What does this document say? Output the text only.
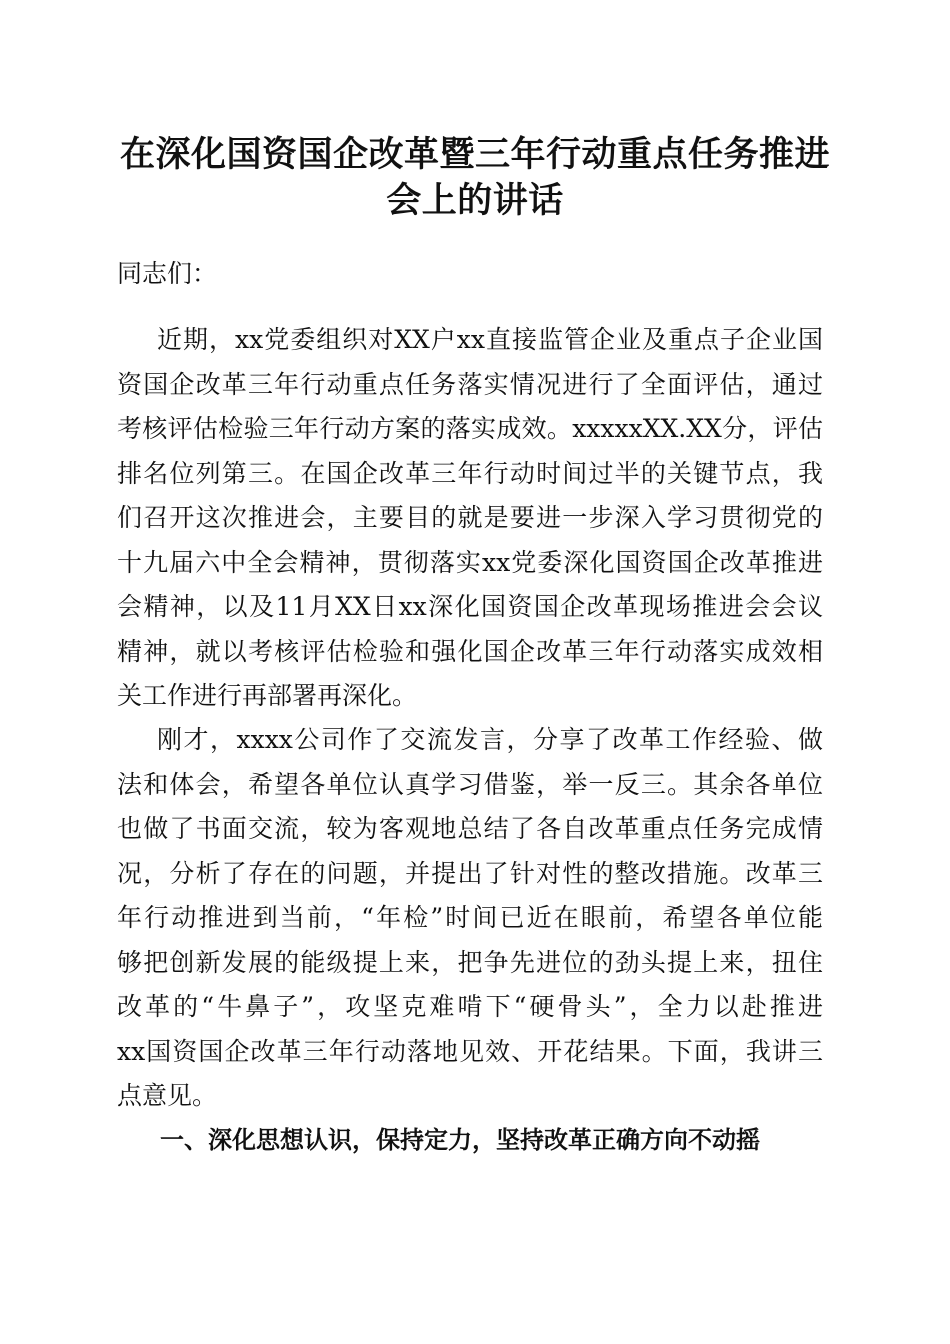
在深化国资国企改革暨三年行动重点任务推进
会上的讲话
同志们：
近期，xx党委组织对XX户xx直接监管企业及重点子企业国
资国企改革三年行动重点任务落实情况进行了全面评估，通过
考核评估检验三年行动方案的落实成效。xxxxxXX.XX分，评估
排名位列第三。在国企改革三年行动时间过半的关键节点，我
们召开这次推进会，主要目的就是要进一步深入学习贯彻党的
十九届六中全会精神，贯彻落实xx党委深化国资国企改革推进
会精神，以及11月XX日xx深化国资国企改革现场推进会会议
精神，就以考核评估检验和强化国企改革三年行动落实成效相
关工作进行再部署再深化。
刚才，xxxx公司作了交流发言，分享了改革工作经验、做
法和体会，希望各单位认真学习借鉴，举一反三。其余各单位
也做了书面交流，较为客观地总结了各自改革重点任务完成情
况，分析了存在的问题，并提出了针对性的整改措施。改革三
年行动推进到当前，“年检”时间已近在眼前，希望各单位能
够把创新发展的能级提上来，把争先进位的劲头提上来，扭住
改革的“牛鼻子”，攻坚克难啃下“硬骨头”，全力以赴推进
xx国资国企改革三年行动落地见效、开花结果。下面，我讲三
点意见。
一、深化思想认识，保持定力，坚持改革正确方向不动摇
